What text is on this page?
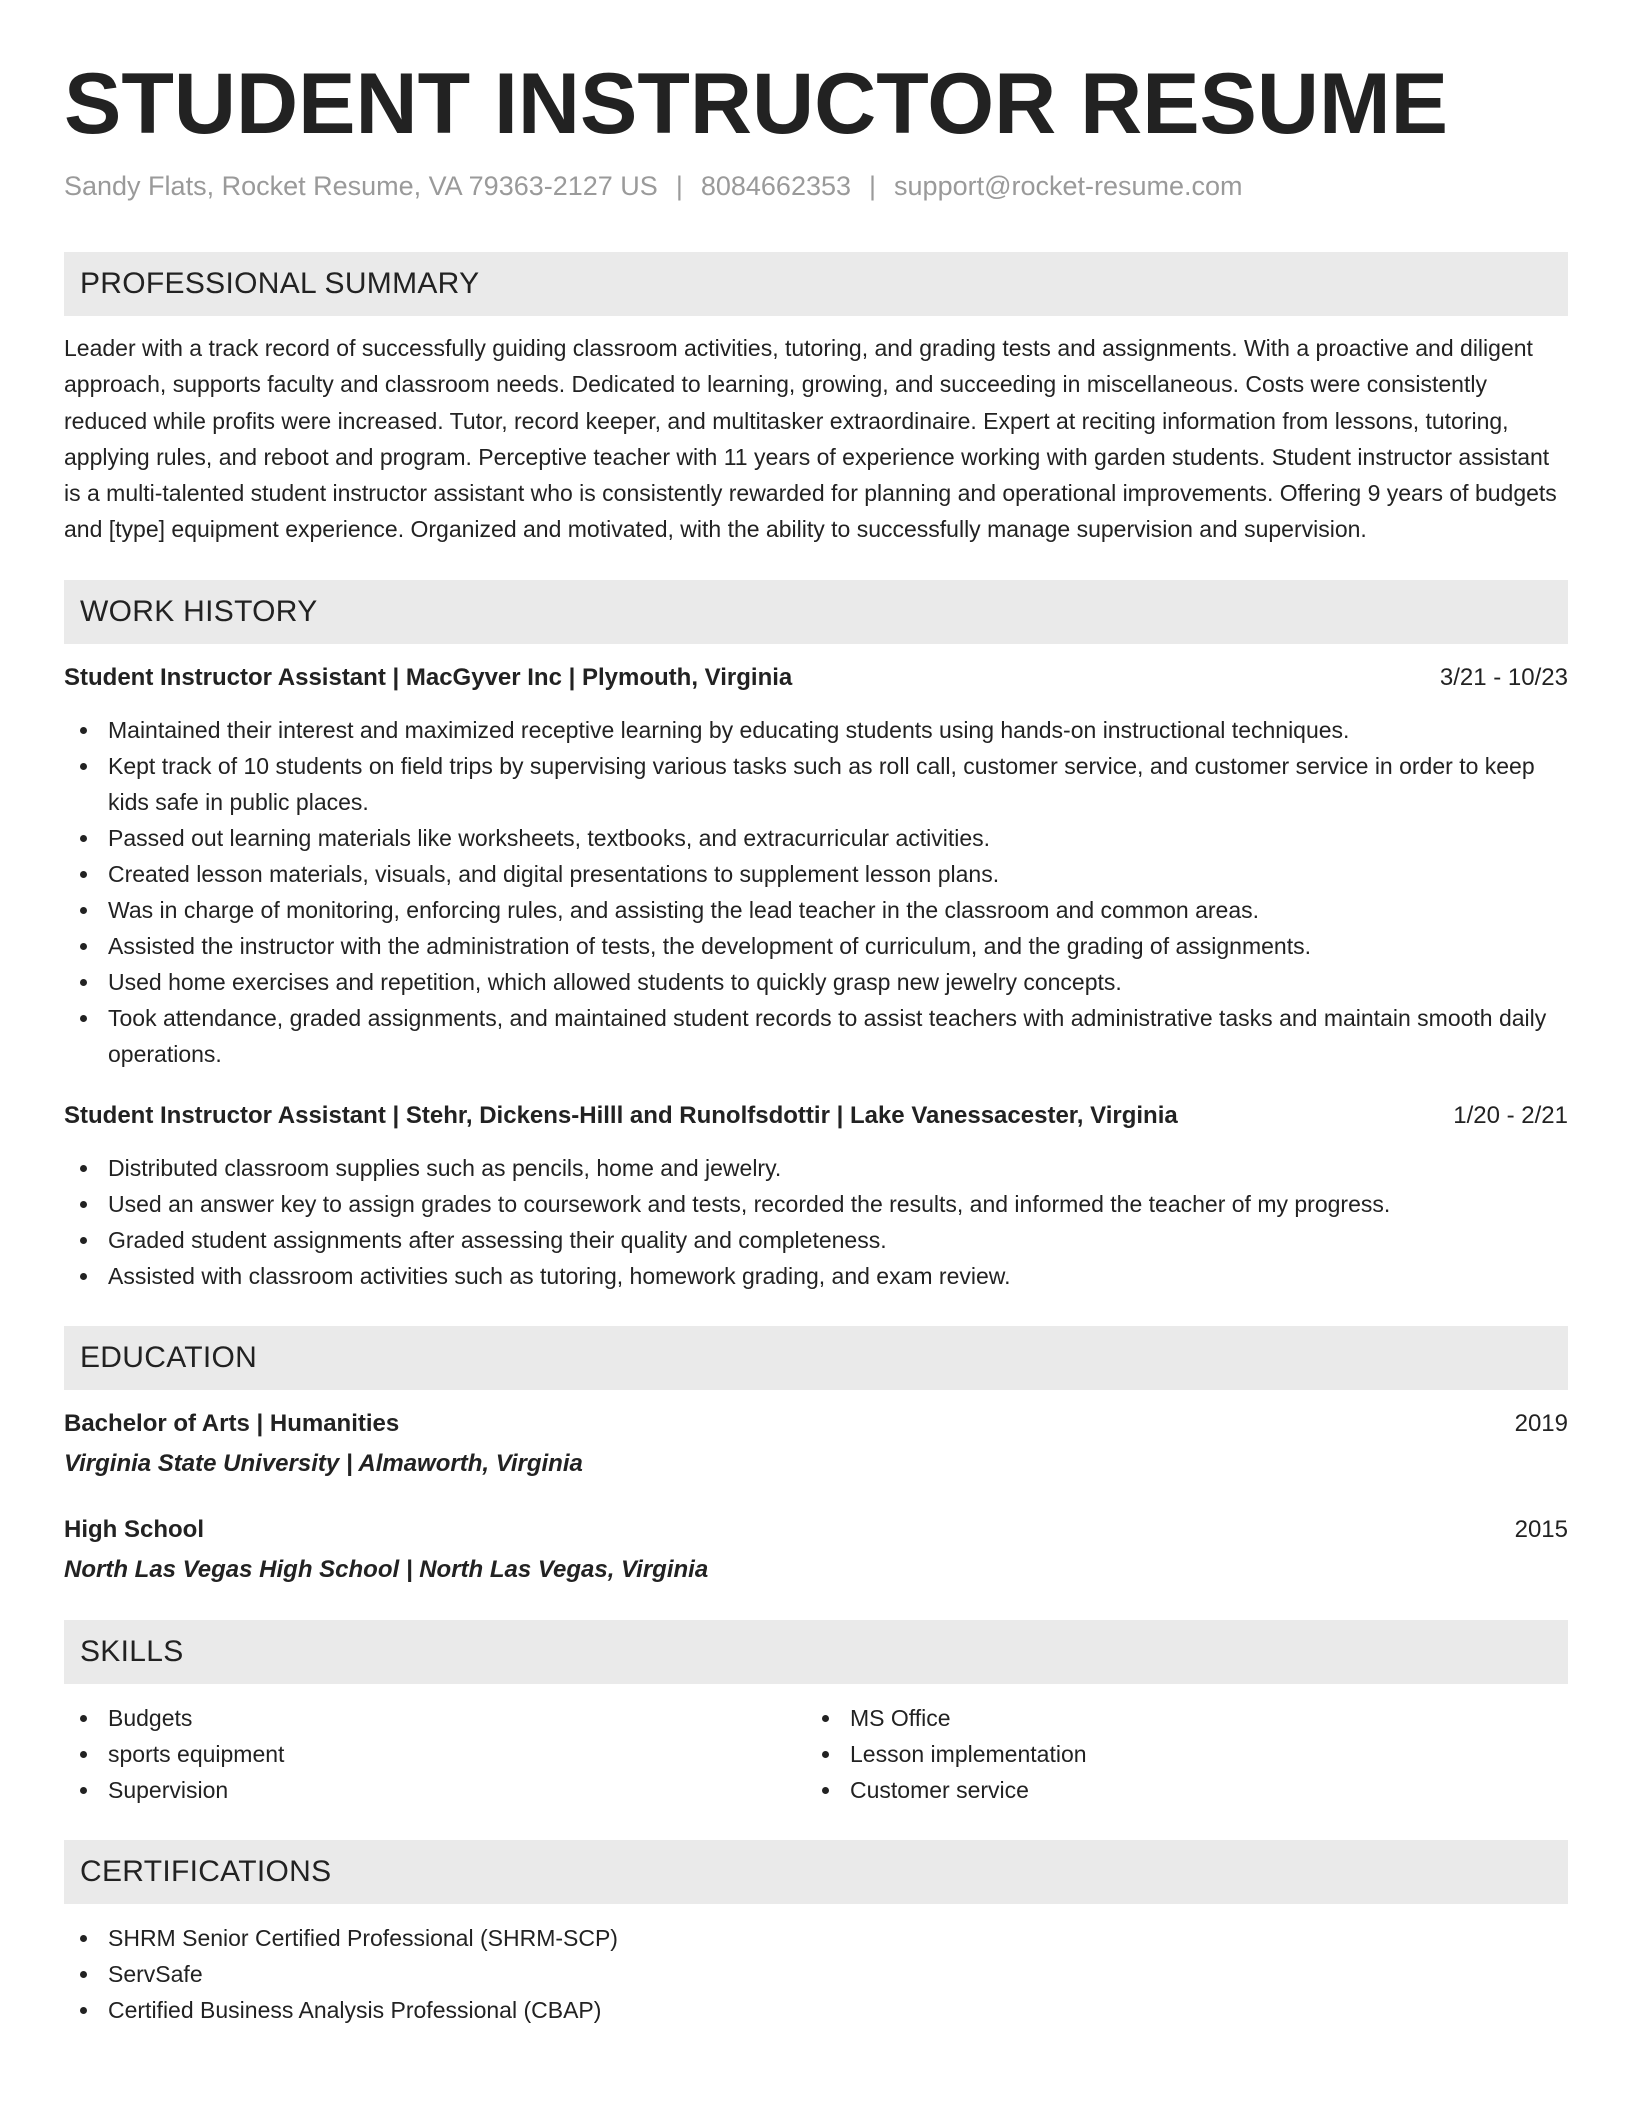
STUDENT INSTRUCTOR RESUME
Sandy Flats, Rocket Resume, VA 79363-2127 US | 8084662353 | support@rocket-resume.com
PROFESSIONAL SUMMARY

Leader with a track record of successfully guiding classroom activities, tutoring, and grading tests and assignments. With a proactive and diligent approach, supports faculty and classroom needs. Dedicated to learning, growing, and succeeding in miscellaneous. Costs were consistently reduced while profits were increased. Tutor, record keeper, and multitasker extraordinaire. Expert at reciting information from lessons, tutoring, applying rules, and reboot and program. Perceptive teacher with 11 years of experience working with garden students. Student instructor assistant is a multi-talented student instructor assistant who is consistently rewarded for planning and operational improvements. Offering 9 years of budgets and [type] equipment experience. Organized and motivated, with the ability to successfully manage supervision and supervision.

WORK HISTORY
Student Instructor Assistant | MacGyver Inc | Plymouth, Virginia	3/21 - 10/23
Maintained their interest and maximized receptive learning by educating students using hands-on instructional techniques.
Kept track of 10 students on field trips by supervising various tasks such as roll call, customer service, and customer service in order to keep kids safe in public places.
Passed out learning materials like worksheets, textbooks, and extracurricular activities.
Created lesson materials, visuals, and digital presentations to supplement lesson plans.
Was in charge of monitoring, enforcing rules, and assisting the lead teacher in the classroom and common areas.
Assisted the instructor with the administration of tests, the development of curriculum, and the grading of assignments.
Used home exercises and repetition, which allowed students to quickly grasp new jewelry concepts.
Took attendance, graded assignments, and maintained student records to assist teachers with administrative tasks and maintain smooth daily operations.
Student Instructor Assistant | Stehr, Dickens-Hilll and Runolfsdottir | Lake Vanessacester, Virginia	1/20 - 2/21
Distributed classroom supplies such as pencils, home and jewelry.
Used an answer key to assign grades to coursework and tests, recorded the results, and informed the teacher of my progress.
Graded student assignments after assessing their quality and completeness.
Assisted with classroom activities such as tutoring, homework grading, and exam review.
EDUCATION
Bachelor of Arts | Humanities	2019
Virginia State University | Almaworth, Virginia
High School	2015
North Las Vegas High School | North Las Vegas, Virginia
SKILLS
Budgets
sports equipment
Supervision
MS Office
Lesson implementation
Customer service
CERTIFICATIONS
SHRM Senior Certified Professional (SHRM-SCP)
ServSafe
Certified Business Analysis Professional (CBAP)
